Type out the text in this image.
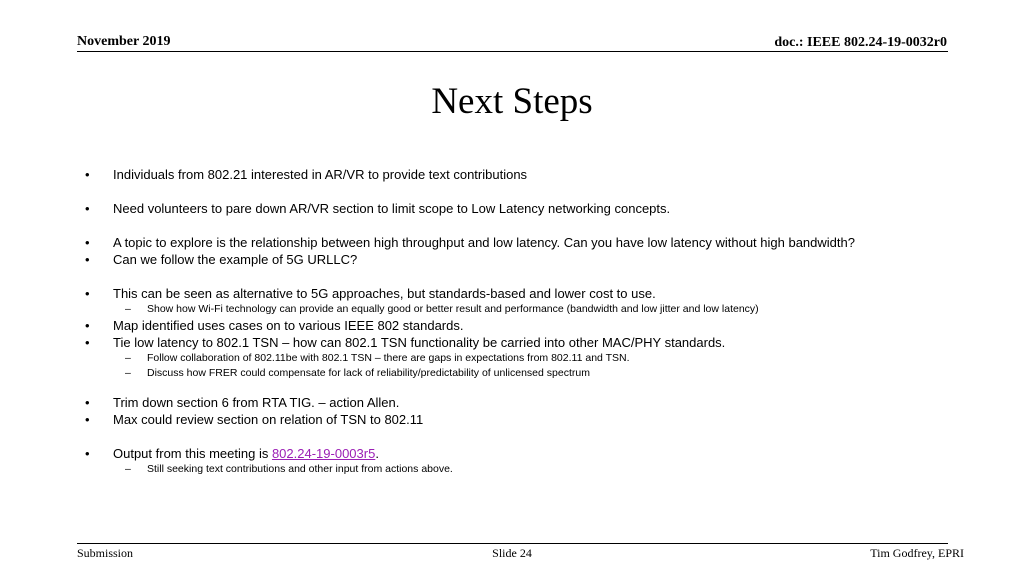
November 2019	doc.: IEEE 802.24-19-0032r0
Next Steps
• Individuals from 802.21 interested in AR/VR to provide text contributions
• Need volunteers to pare down AR/VR section to limit scope to Low Latency networking concepts.
• A topic to explore is the relationship between high throughput and low latency. Can you have low latency without high bandwidth?
• Can we follow the example of 5G URLLC?
• This can be seen as alternative to 5G approaches, but standards-based and lower cost to use.
– Show how Wi-Fi technology can provide an equally good or better result and performance (bandwidth and low jitter and low latency)
• Map identified uses cases on to various IEEE 802 standards.
• Tie low latency to 802.1 TSN – how can 802.1 TSN functionality be carried into other MAC/PHY standards.
– Follow collaboration of 802.11be with 802.1 TSN – there are gaps in expectations from 802.11 and TSN.
– Discuss how FRER could compensate for lack of reliability/predictability of unlicensed spectrum
• Trim down section 6 from RTA TIG. – action Allen.
• Max could review section on relation of TSN to 802.11
• Output from this meeting is 802.24-19-0003r5.
– Still seeking text contributions and other input from actions above.
Submission	Slide 24	Tim Godfrey, EPRI
